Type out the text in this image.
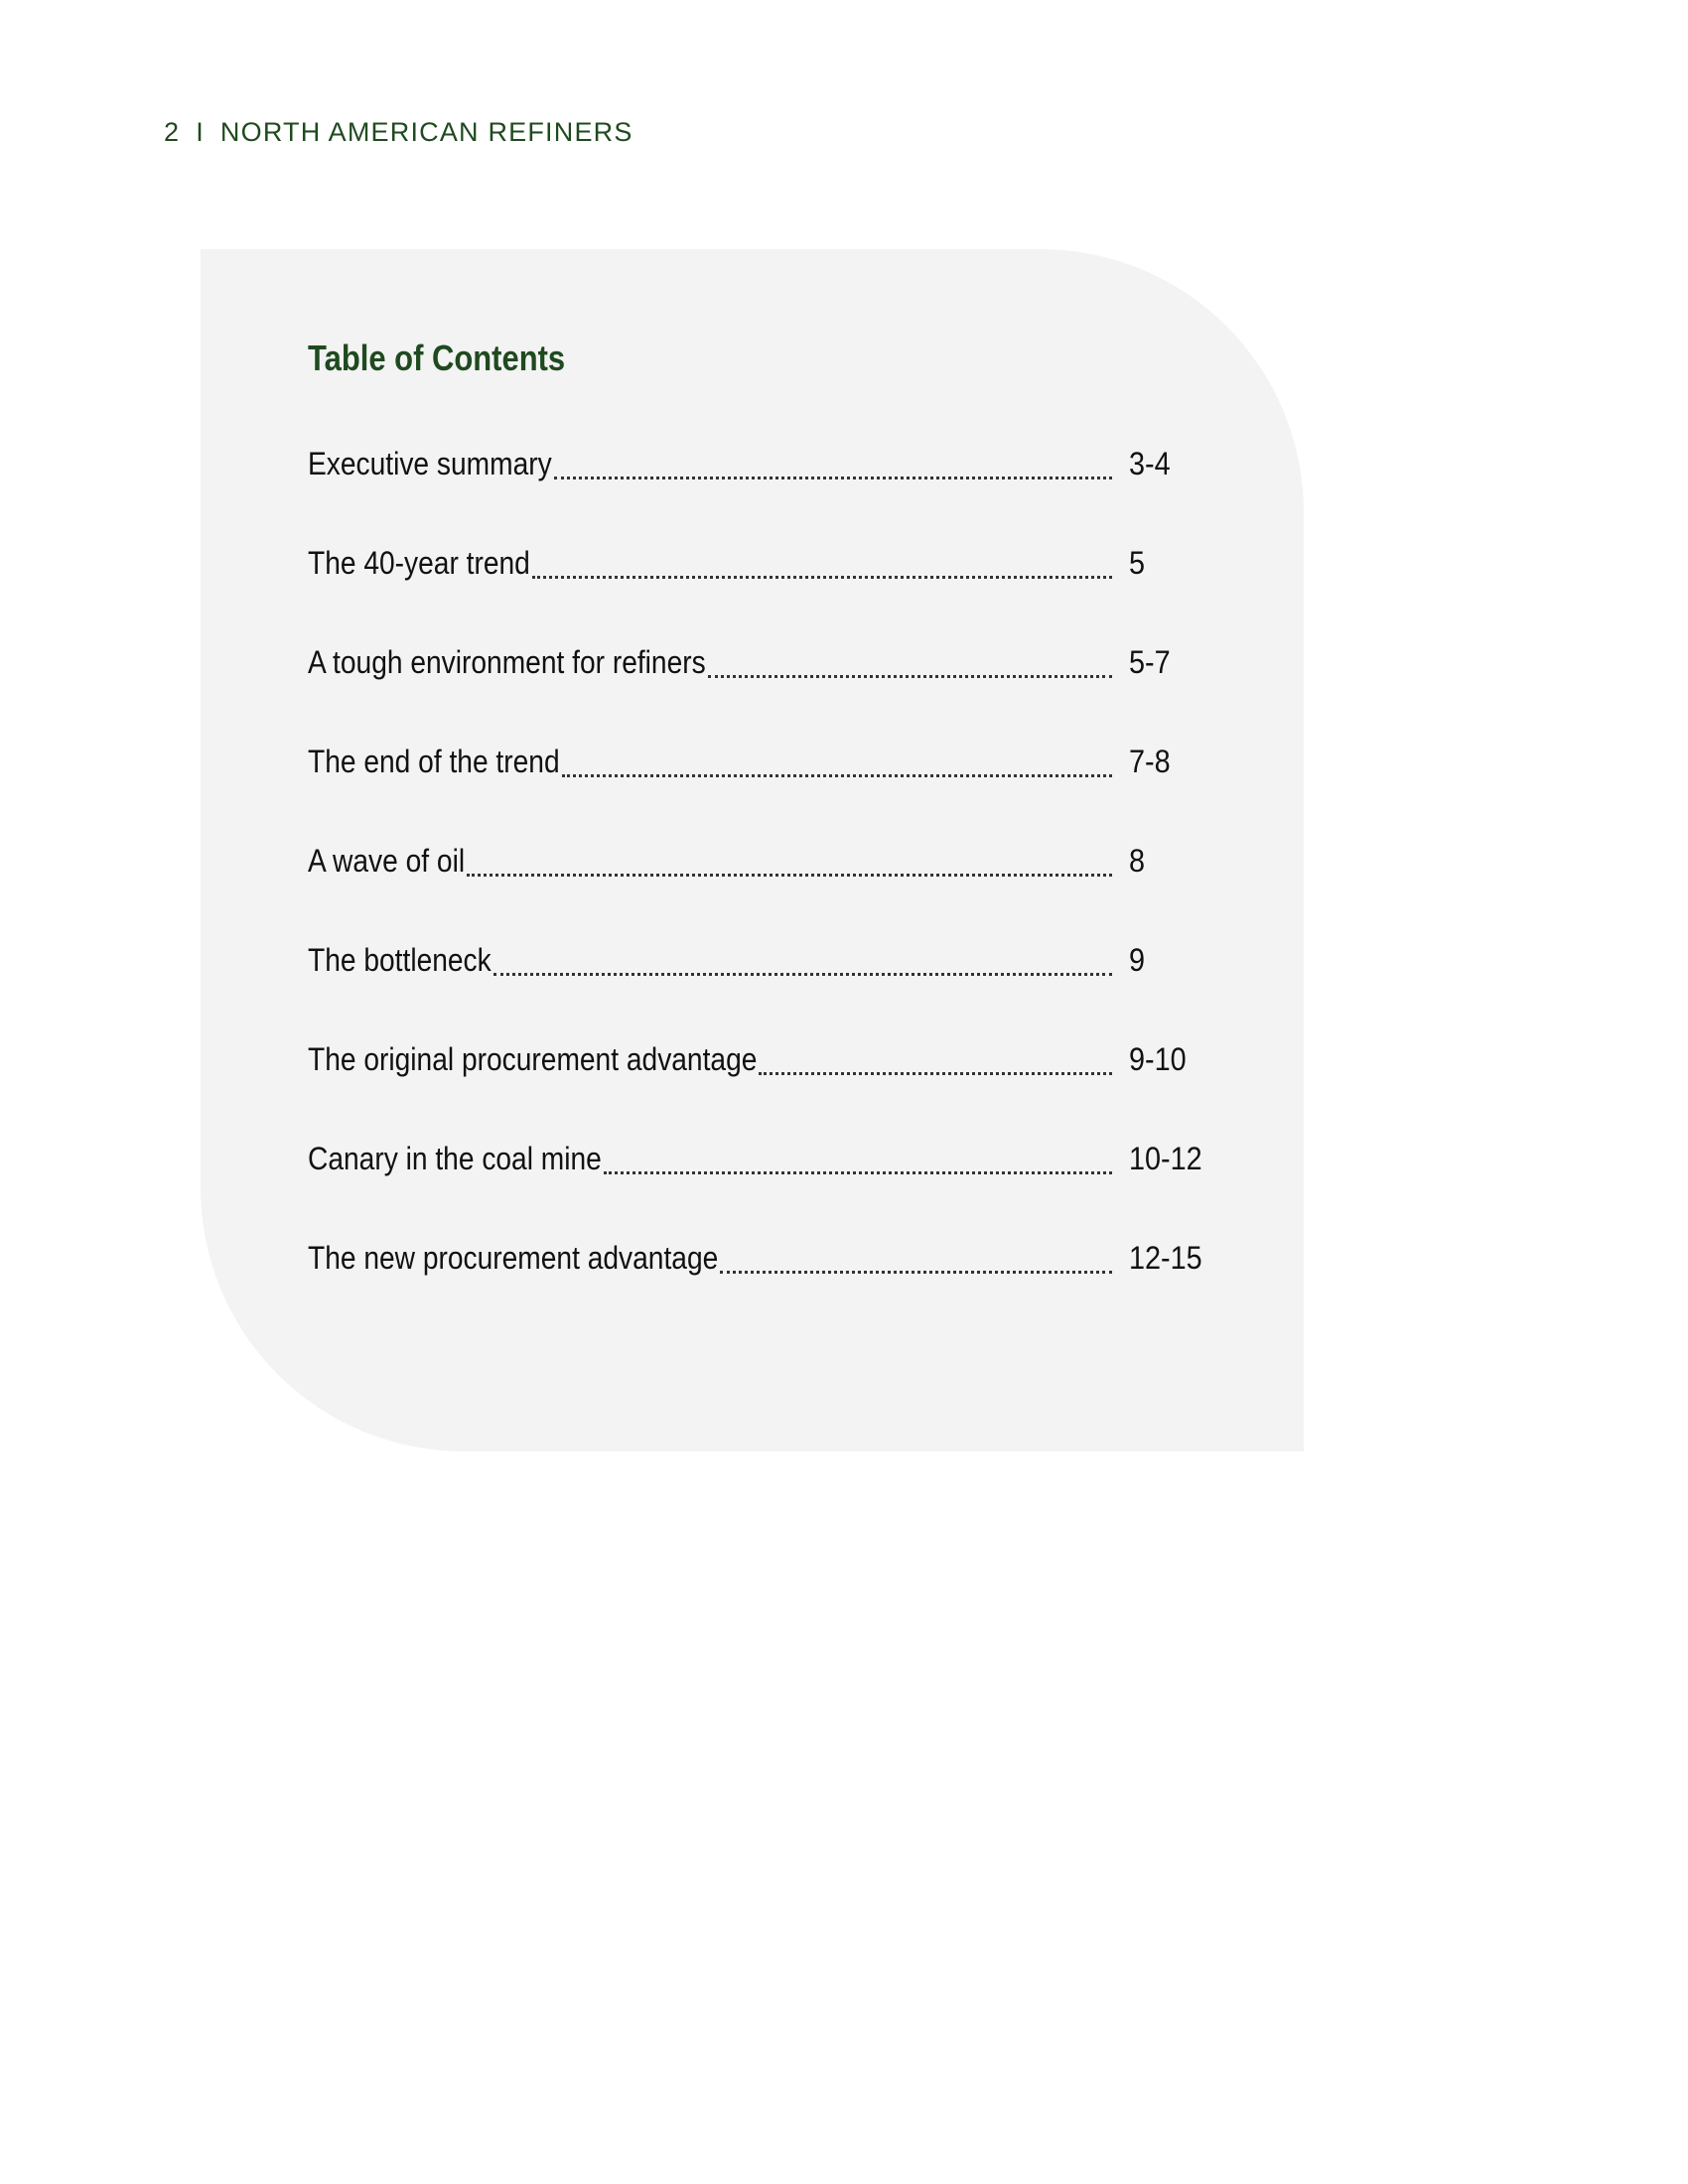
2 I NORTH AMERICAN REFINERS
Table of Contents
Executive summary	3-4
The 40-year trend	5
A tough environment for refiners	5-7
The end of the trend	7-8
A wave of oil	8
The bottleneck	9
The original procurement advantage	9-10
Canary in the coal mine	10-12
The new procurement advantage	12-15
